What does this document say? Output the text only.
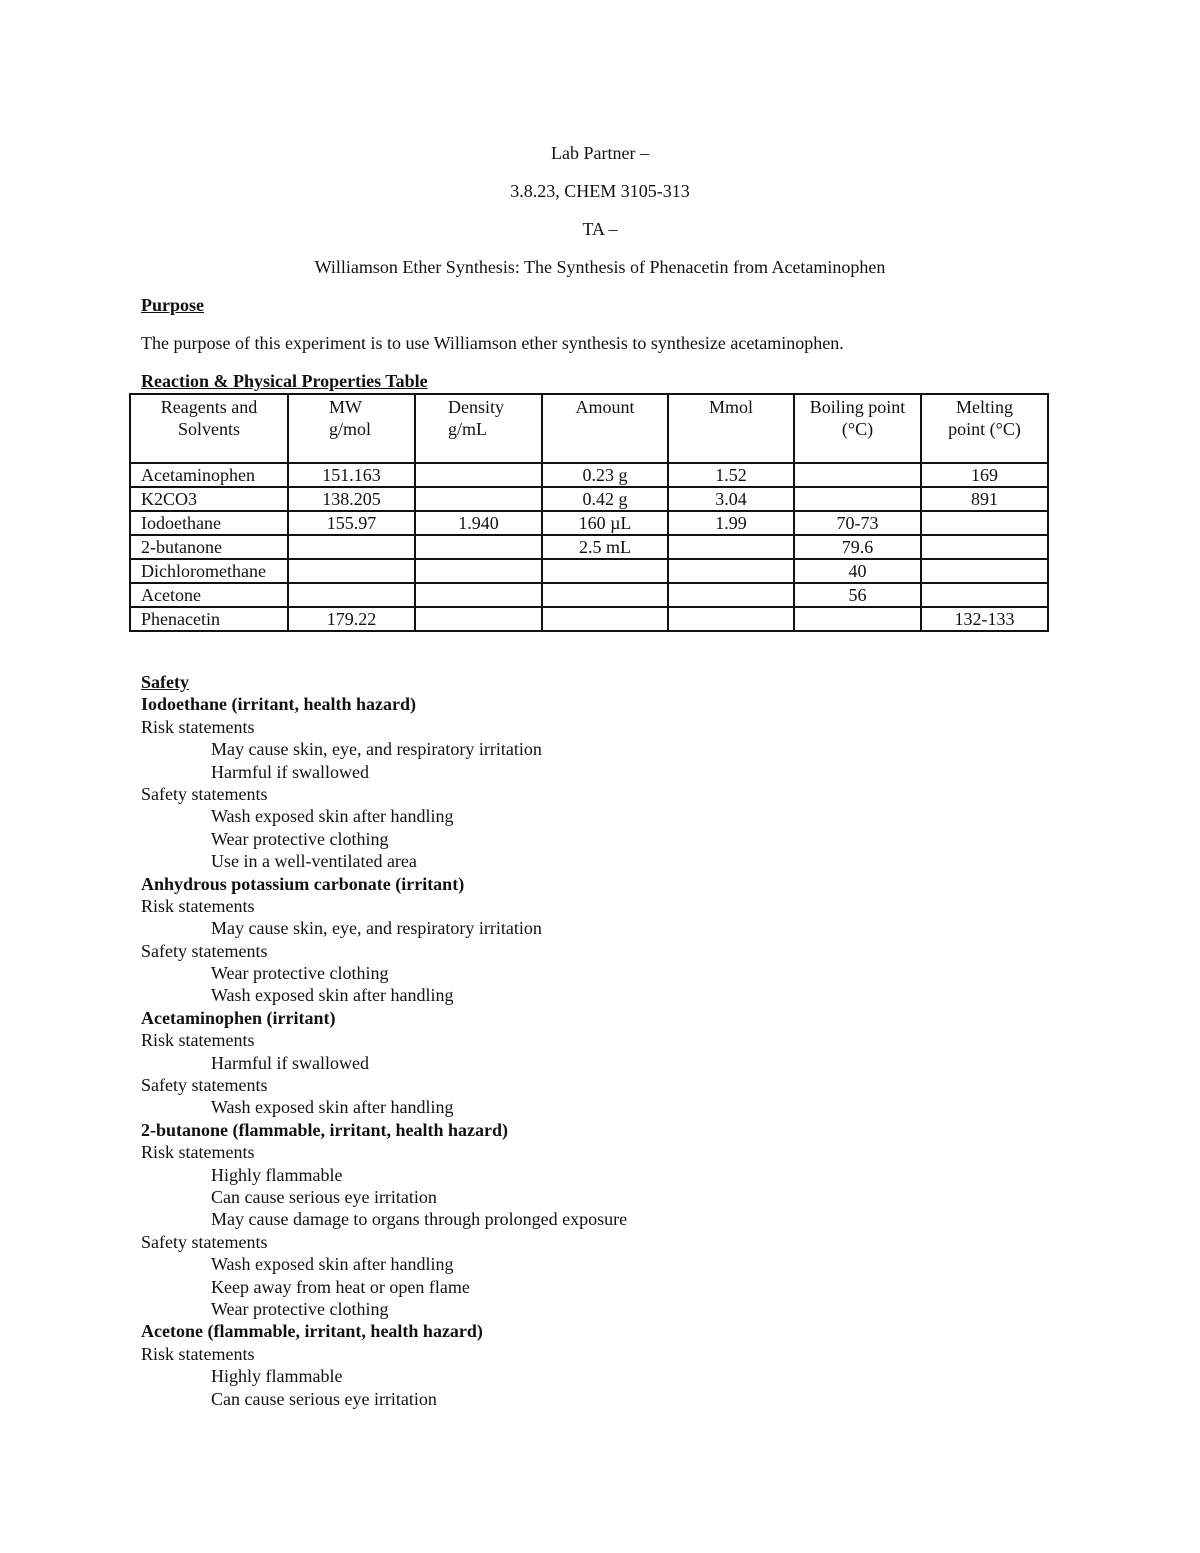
Lab Partner –
3.8.23, CHEM 3105-313
TA –
Williamson Ether Synthesis: The Synthesis of Phenacetin from Acetaminophen
Purpose
The purpose of this experiment is to use Williamson ether synthesis to synthesize acetaminophen.
Reaction & Physical Properties Table
Reagents and Solvents	MW g/mol	Density g/mL	Amount	Mmol	Boiling point (°C)	Melting point (°C)
Acetaminophen	151.163		0.23 g	1.52		169
K2CO3	138.205		0.42 g	3.04		891
Iodoethane	155.97	1.940	160 µL	1.99	70-73	
2-butanone			2.5 mL		79.6	
Dichloromethane					40	
Acetone					56	
Phenacetin	179.22					132-133
Safety
Iodoethane (irritant, health hazard)
Risk statements
May cause skin, eye, and respiratory irritation
Harmful if swallowed
Safety statements
Wash exposed skin after handling
Wear protective clothing
Use in a well-ventilated area
Anhydrous potassium carbonate (irritant)
Risk statements
May cause skin, eye, and respiratory irritation
Safety statements
Wear protective clothing
Wash exposed skin after handling
Acetaminophen (irritant)
Risk statements
Harmful if swallowed
Safety statements
Wash exposed skin after handling
2-butanone (flammable, irritant, health hazard)
Risk statements
Highly flammable
Can cause serious eye irritation
May cause damage to organs through prolonged exposure
Safety statements
Wash exposed skin after handling
Keep away from heat or open flame
Wear protective clothing
Acetone (flammable, irritant, health hazard)
Risk statements
Highly flammable
Can cause serious eye irritation
